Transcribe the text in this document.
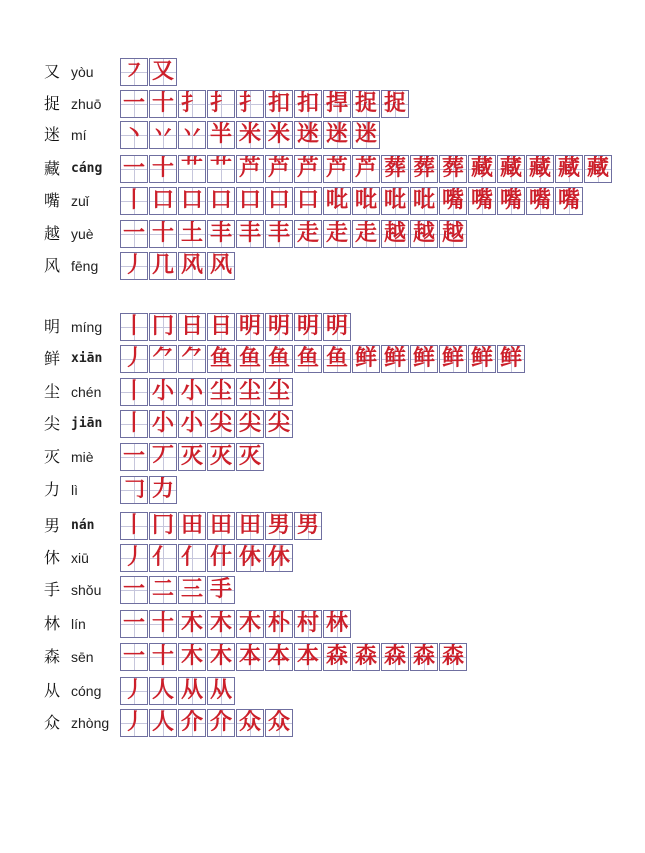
又 yòu ㇇ 又
捉 zhuō 一 十 扌 扌 扌 扣 扣 捍 捉 捉
迷 mí 丶 丷 丷 半 米 米 迷 迷 迷
藏 cáng 一 十 艹 艹 芦 芦 芦 芦 芦 葬 葬 葬 藏 藏 藏 藏 藏
嘴 zuǐ 丨 口 口 口 口 口 口 吡 吡 吡 吡 嘴 嘴 嘴 嘴 嘴
越 yuè 一 十 土 丰 丰 丰 走 走 走 越 越 越
风 fēng 丿 几 风 风
明 míng 丨 冂 日 日 明 明 明 明
鲜 xiān 丿 ⺈ ⺈ 鱼 鱼 鱼 鱼 鱼 鲜 鲜 鲜 鲜 鲜 鲜
尘 chén 丨 小 小 尘 尘 尘
尖 jiān 丨 小 小 尖 尖 尖
灭 miè 一 丆 灭 灭 灭
力 lì 𠃌 力
男 nán 丨 冂 田 田 田 男 男
休 xiū 丿 亻 亻 什 休 休
手 shǒu 一 二 三 手
林 lín 一 十 木 木 木 朴 村 林
森 sēn 一 十 木 木 本 本 本 森 森 森 森 森
从 cóng 丿 人 从 从
众 zhòng 丿 人 介 介 众 众
